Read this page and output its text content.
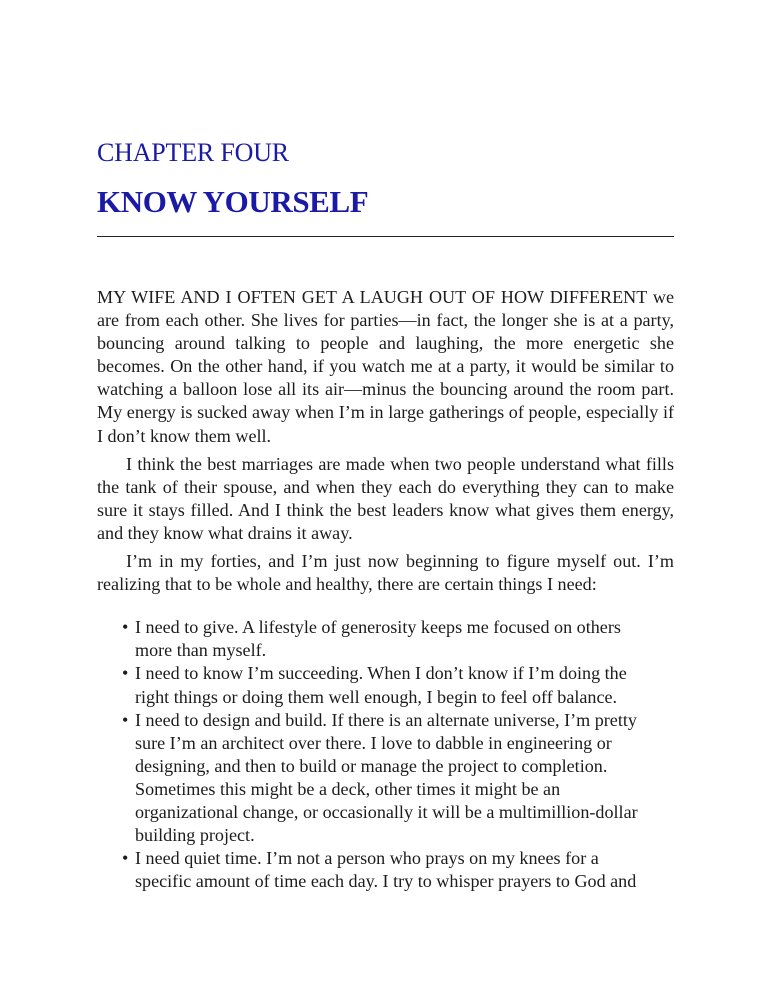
CHAPTER FOUR
KNOW YOURSELF

MY WIFE AND I OFTEN GET A LAUGH OUT OF HOW DIFFERENT we are from each other. She lives for parties—in fact, the longer she is at a party, bouncing around talking to people and laughing, the more energetic she becomes. On the other hand, if you watch me at a party, it would be similar to watching a balloon lose all its air—minus the bouncing around the room part. My energy is sucked away when I’m in large gatherings of people, especially if I don’t know them well.

I think the best marriages are made when two people understand what fills the tank of their spouse, and when they each do everything they can to make sure it stays filled. And I think the best leaders know what gives them energy, and they know what drains it away.

I’m in my forties, and I’m just now beginning to figure myself out. I’m realizing that to be whole and healthy, there are certain things I need:

• I need to give. A lifestyle of generosity keeps me focused on others more than myself.
• I need to know I’m succeeding. When I don’t know if I’m doing the right things or doing them well enough, I begin to feel off balance.
• I need to design and build. If there is an alternate universe, I’m pretty sure I’m an architect over there. I love to dabble in engineering or designing, and then to build or manage the project to completion. Sometimes this might be a deck, other times it might be an organizational change, or occasionally it will be a multimillion-dollar building project.
• I need quiet time. I’m not a person who prays on my knees for a specific amount of time each day. I try to whisper prayers to God and
